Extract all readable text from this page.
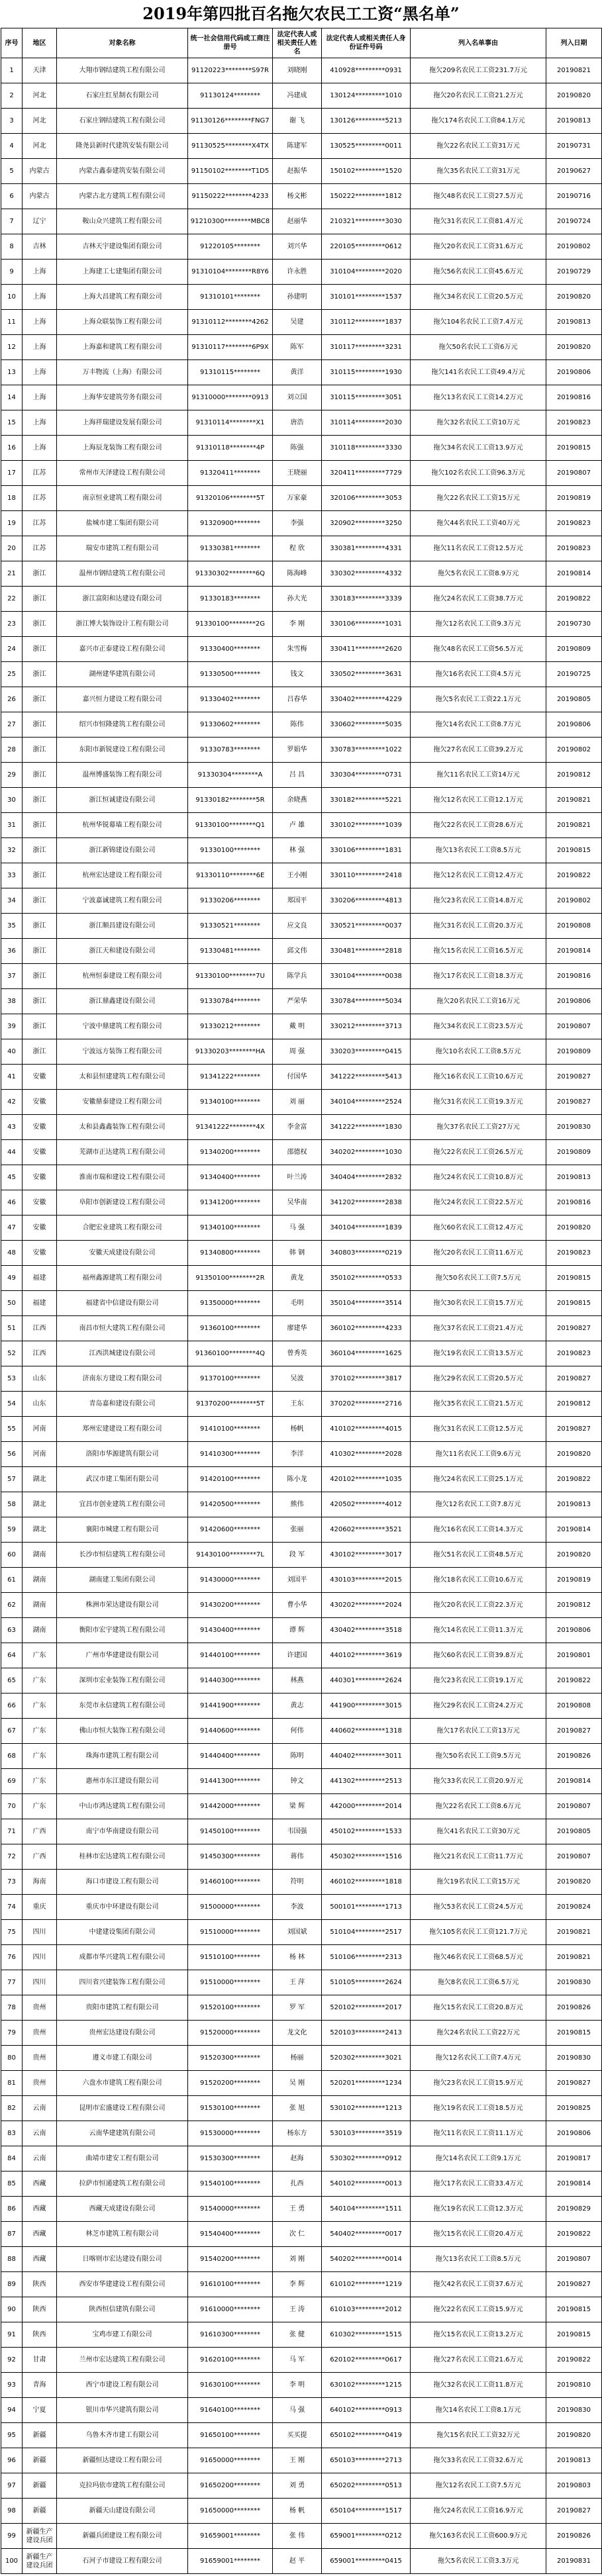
2019年第四批百名拖欠农民工工资“黑名单”
序号	地区	对象名称	统一社会信用代码或工商注册号	法定代表人或相关责任人姓名	法定代表人或相关责任人身份证件号码	列入名单事由	列入日期
1	天津	大翔市钢结建筑工程有限公司	91120223********S97R	刘晓刚	410928*********0931	拖欠209名农民工工资231.7万元	20190821
2	河北	石家庄红星制衣有限公司	91130124********	冯建成	130124*********1010	拖欠20名农民工工资21.2万元	20190820
3	河北	石家庄钢结建筑工程有限公司	91130126********FNG7	谢 飞	130126*********5213	拖欠174名农民工工资84.1万元	20190813
4	河北	隆尧县新时代建筑安装有限公司	91130525********X4TX	陈建军	130525*********0011	拖欠22名农民工工资31万元	20190731
5	内蒙古	内蒙古鑫泰建筑安装有限公司	91150102********T1D5	赵振华	150102*********1520	拖欠35名农民工工资31万元	20190627
6	内蒙古	内蒙古北方建筑工程有限公司	91150222********4233	杨文彬	150222*********1812	拖欠48名农民工工资27.5万元	20190716
7	辽宁	鞍山众兴建筑工程有限公司	91210300********MBC8	赵丽华	210321*********3030	拖欠31名农民工工资81.4万元	20190724
8	吉林	吉林天宇建设集团有限公司	91220105********	刘兴华	220105*********0612	拖欠20名农民工工资31.6万元	20190802
9	上海	上海建工七建集团有限公司	91310104********R8Y6	许永胜	310104*********2020	拖欠56名农民工工资45.6万元	20190729
10	上海	上海大昌建筑工程有限公司	91310101********	孙建明	310101*********1537	拖欠34名农民工工资20.5万元	20190820
11	上海	上海众联装饰工程有限公司	91310112********4262	吴建	310112*********1837	拖欠104名农民工工资7.4万元	20190813
12	上海	上海嘉和建筑工程有限公司	91310117********6P9X	陈军	310117*********3231	拖欠50名农民工工资6万元	20190820
13	上海	万丰物流（上海）有限公司	91310115********	黄洋	310115*********1930	拖欠141名农民工工资49.4万元	20190806
14	上海	上海华安建筑劳务有限公司	91310000********0913	刘立国	310115*********3051	拖欠13名农民工工资14.2万元	20190816
15	上海	上海祥瑞建设发展有限公司	91310114********X1	唐浩	310114*********2030	拖欠32名农民工工资10万元	20190823
16	上海	上海辰龙装饰工程有限公司	91310118********4P	陈强	310118*********3330	拖欠34名农民工工资13.9万元	20190815
17	江苏	常州市天泽建设工程有限公司	91320411********	王晓丽	320411*********7729	拖欠102名农民工工资96.3万元	20190807
18	江苏	南京恒业建筑工程有限公司	91320106********5T	万家豪	320106*********3053	拖欠22名农民工工资15万元	20190819
19	江苏	盐城市建工集团有限公司	91320900********	李强	320902*********3250	拖欠44名农民工工资40万元	20190823
20	江苏	瑞安市建筑工程有限公司	91330381********	程 欣	330381*********4331	拖欠11名农民工工资12.5万元	20190823
21	浙江	温州市钢结建筑工程有限公司	91330302********6Q	陈海峰	330302*********4332	拖欠5名农民工工资8.9万元	20190814
22	浙江	浙江富阳和达建设有限公司	91330183********	孙大光	330183*********3339	拖欠24名农民工工资38.7万元	20190822
23	浙江	浙江博大装饰设计工程有限公司	91330100********2G	李 刚	330106*********1031	拖欠12名农民工工资9.3万元	20190730
24	浙江	嘉兴市正泰建设工程有限公司	91330400********	朱雪梅	330411*********2620	拖欠48名农民工工资56.5万元	20190809
25	浙江	湖州建华建筑有限公司	91330500********	钱文	330502*********3631	拖欠16名农民工工资4.5万元	20190725
26	浙江	嘉兴恒力建设工程有限公司	91330402********	吕春华	330402*********4229	拖欠5名农民工工资22.1万元	20190805
27	浙江	绍兴市恒隆建筑工程有限公司	91330602********	陈伟	330602*********5035	拖欠14名农民工工资8.7万元	20190806
28	浙江	东阳市新锐建设工程有限公司	91330783********	罗娟华	330783*********1022	拖欠27名农民工工资39.2万元	20190802
29	浙江	温州博盛装饰工程有限公司	91330304********A	吕 昌	330304*********0731	拖欠11名农民工工资14万元	20190812
30	浙江	浙江恒诚建设有限公司	91330182********5R	余晓燕	330182*********5221	拖欠12名农民工工资12.1万元	20190821
31	浙江	杭州华锐幕墙工程有限公司	91330100********Q1	卢 雄	330102*********1039	拖欠22名农民工工资28.6万元	20190821
32	浙江	浙江新锦建设有限公司	91330100********	林 强	330106*********1831	拖欠13名农民工工资8.5万元	20190815
33	浙江	杭州宏达建设工程有限公司	91330110********6E	王小刚	330110*********2418	拖欠12名农民工工资12.4万元	20190822
34	浙江	宁波嘉诚建筑工程有限公司	91330206********	郑国平	330206*********4813	拖欠23名农民工工资14.8万元	20190802
35	浙江	浙江顺昌建设有限公司	91330521********	应文良	330521*********0037	拖欠31名农民工工资20.3万元	20190808
36	浙江	浙江天和建设有限公司	91330481********	邱文伟	330481*********2818	拖欠15名农民工工资16.5万元	20190814
37	浙江	杭州恒泰建设工程有限公司	91330100********7U	陈学兵	330104*********0038	拖欠17名农民工工资18.3万元	20190816
38	浙江	浙江鼎鑫建设有限公司	91330784********	严荣华	330784*********5034	拖欠20名农民工工资16万元	20190806
39	浙江	宁波中鼎建筑工程有限公司	91330212********	戴 明	330212*********3713	拖欠34名农民工工资23.5万元	20190807
40	浙江	宁波远方装饰工程有限公司	91330203********HA	周 强	330203*********0415	拖欠10名农民工工资8.5万元	20190809
41	安徽	太和县恒建建筑工程有限公司	91341222********	付国华	341222*********5413	拖欠16名农民工工资10.6万元	20190827
42	安徽	安徽鼎泰建设工程有限公司	91340100********	刘 丽	340104*********2524	拖欠31名农民工工资19.3万元	20190827
43	安徽	太和县鑫鑫装饰工程有限公司	91341222********4X	李金富	341222*********1830	拖欠37名农民工工资27万元	20190830
44	安徽	芜湖市正达建筑工程有限公司	91340200********	邵德权	340202*********1030	拖欠22名农民工工资26.5万元	20190809
45	安徽	淮南市瑞和建设工程有限公司	91340400********	叶兰涛	340404*********2832	拖欠24名农民工工资10.8万元	20190813
46	安徽	阜阳市创新建设工程有限公司	91341200********	吴华南	341202*********2838	拖欠24名农民工工资22.5万元	20190816
47	安徽	合肥宏业建筑工程有限公司	91340100********	马 强	340104*********1839	拖欠60名农民工工资12.4万元	20190820
48	安徽	安徽天成建设有限公司	91340800********	韩 钢	340803*********0219	拖欠20名农民工工资11.6万元	20190823
49	福建	福州鑫源建筑工程有限公司	91350100********2R	黄龙	350102*********0533	拖欠50名农民工工资7.5万元	20190815
50	福建	福建省中信建设有限公司	91350000********	毛明	350104*********3514	拖欠30名农民工工资15.7万元	20190815
51	江西	南昌市恒大建筑工程有限公司	91360100********	廖建华	360102*********4233	拖欠37名农民工工资21.4万元	20190827
52	江西	江西洪城建设有限公司	91360100********4Q	曾秀英	360104*********1625	拖欠19名农民工工资13.5万元	20190823
53	山东	济南东方建设工程有限公司	91370100********	吴波	370102*********3817	拖欠29名农民工工资20.5万元	20190827
54	山东	青岛嘉和建设有限公司	91370200********5T	王东	370202*********2716	拖欠35名农民工工资21.5万元	20190812
55	河南	郑州宏建建设工程有限公司	91410100********	杨帆	410102*********4015	拖欠31名农民工工资12.5万元	20190827
56	河南	洛阳市华源建筑有限公司	91410300********	李洋	410302*********2028	拖欠11名农民工工资9.6万元	20190820
57	湖北	武汉市建工集团有限公司	91420100********	陈小龙	420102*********1035	拖欠24名农民工工资25.1万元	20190822
58	湖北	宜昌市创业建筑工程有限公司	91420500********	熊伟	420502*********4012	拖欠12名农民工工资7.8万元	20190813
59	湖北	襄阳市城建工程有限公司	91420600********	张丽	420602*********3521	拖欠16名农民工工资14.3万元	20190814
60	湖南	长沙市恒信建筑工程有限公司	91430100********7L	段 军	430102*********3017	拖欠51名农民工工资48.5万元	20190820
61	湖南	湖南建工集团有限公司	91430000********	刘国平	430103*********2015	拖欠18名农民工工资10.6万元	20190819
62	湖南	株洲市荣达建设有限公司	91430200********	曹小华	430202*********2024	拖欠20名农民工工资22.3万元	20190812
63	湖南	衡阳市宏宇建筑工程有限公司	91430400********	谭 辉	430402*********3518	拖欠14名农民工工资11.3万元	20190806
64	广东	广州市华建建设有限公司	91440100********	许建国	440102*********3619	拖欠60名农民工工资39.8万元	20190801
65	广东	深圳市宏业装饰工程有限公司	91440300********	林燕	440301*********2624	拖欠23名农民工工资19.1万元	20190822
66	广东	东莞市永信建筑工程有限公司	91441900********	黄志	441900*********3015	拖欠29名农民工工资24.2万元	20190808
67	广东	佛山市恒大装饰工程有限公司	91440600********	何伟	440602*********1318	拖欠17名农民工工资13万元	20190827
68	广东	珠海市建筑工程有限公司	91440400********	陈明	440402*********3011	拖欠50名农民工工资9.5万元	20190826
69	广东	惠州市东江建设有限公司	91441300********	钟文	441302*********2513	拖欠33名农民工工资20.9万元	20190814
70	广东	中山市鸿达建筑工程有限公司	91442000********	梁 辉	442000*********2014	拖欠22名农民工工资8.6万元	20190807
71	广西	南宁市华南建设有限公司	91450100********	韦国强	450102*********1533	拖欠41名农民工工资30万元	20190805
72	广西	桂林市宏达建筑工程有限公司	91450300********	蒋伟	450302*********1516	拖欠21名农民工工资11.7万元	20190807
73	海南	海口市建设工程有限公司	91460100********	符明	460102*********1818	拖欠19名农民工工资15万元	20190820
74	重庆	重庆市中环建设有限公司	91500000********	李波	500101*********1713	拖欠53名农民工工资24.5万元	20190824
75	四川	中建建设集团有限公司	91510000********	刘国斌	510104*********2517	拖欠105名农民工工资121.7万元	20190821
76	四川	成都市华兴建筑工程有限公司	91510100********	杨 林	510106*********2313	拖欠46名农民工工资68.5万元	20190821
77	四川	四川省兴建装饰工程有限公司	91510000********	王 萍	510105*********2624	拖欠8名农民工工资6.5万元	20190830
78	贵州	贵阳市建筑工程有限公司	91520100********	罗 军	520102*********2017	拖欠15名农民工工资20.8万元	20190826
79	贵州	贵州宏达建设有限公司	91520000********	龙文化	520103*********2413	拖欠24名农民工工资22万元	20190815
80	贵州	遵义市建工有限公司	91520300********	杨丽	520302*********3021	拖欠12名农民工工资7.4万元	20190830
81	贵州	六盘水市建筑工程有限公司	91520200********	吴 刚	520201*********1234	拖欠23名农民工工资15.9万元	20190827
82	云南	昆明市宏盛建设工程有限公司	91530100********	张 旭	530102*********1213	拖欠19名农民工工资18.5万元	20190825
83	云南	云南华建建筑有限公司	91530000********	杨东方	530103*********3519	拖欠11名农民工工资11.1万元	20190806
84	云南	曲靖市建安工程有限公司	91530300********	赵海	530302*********0912	拖欠14名农民工工资9.1万元	20190817
85	西藏	拉萨市恒通建筑工程有限公司	91540100********	扎西	540102*********0013	拖欠17名农民工工资33.4万元	20190814
86	西藏	西藏天成建设有限公司	91540000********	王 勇	540104*********1511	拖欠19名农民工工资12.3万元	20190829
87	西藏	林芝市建筑工程有限公司	91540400********	次 仁	540402*********0017	拖欠15名农民工工资20.4万元	20190822
88	西藏	日喀则市宏达建设有限公司	91540200********	刘 刚	540202*********0014	拖欠13名农民工工资8.5万元	20190807
89	陕西	西安市华建建设工程有限公司	91610100********	李 辉	610102*********1219	拖欠42名农民工工资37.6万元	20190827
90	陕西	陕西恒信建筑有限公司	91610000********	王 涛	610103*********2012	拖欠22名农民工工资15.9万元	20190815
91	陕西	宝鸡市建工有限公司	91610300********	张 健	610302*********1515	拖欠15名农民工工资13.2万元	20190815
92	甘肃	兰州市宏达建筑工程有限公司	91620100********	马 军	620102*********0617	拖欠27名农民工工资21.6万元	20190822
93	青海	西宁市建设工程有限公司	91630100********	李 明	630102*********1215	拖欠32名农民工工资11.8万元	20190810
94	宁夏	银川市华兴建筑有限公司	91640100********	马 强	640102*********0913	拖欠14名农民工工资8.1万元	20190830
95	新疆	乌鲁木齐市建工有限公司	91650100********	买买提	650102*********0419	拖欠15名农民工工资32万元	20190820
96	新疆	新疆恒达建设工程有限公司	91650000********	王 刚	650103*********2713	拖欠33名农民工工资32.6万元	20190813
97	新疆	克拉玛依市建筑工程有限公司	91650200********	刘 勇	650202*********0513	拖欠12名农民工工资7.5万元	20190803
98	新疆	新疆天山建设有限公司	91650000********	杨 帆	650104*********1517	拖欠24名农民工工资16.9万元	20190827
99	新疆生产建设兵团	新疆兵团建设工程有限公司	91659001********	张 伟	659001*********0212	拖欠163名农民工工资600.9万元	20190826
100	新疆生产建设兵团	石河子市建设工程有限公司	91659001********	赵 平	659001*********0415	拖欠5名农民工工资3.3万元	20190831
